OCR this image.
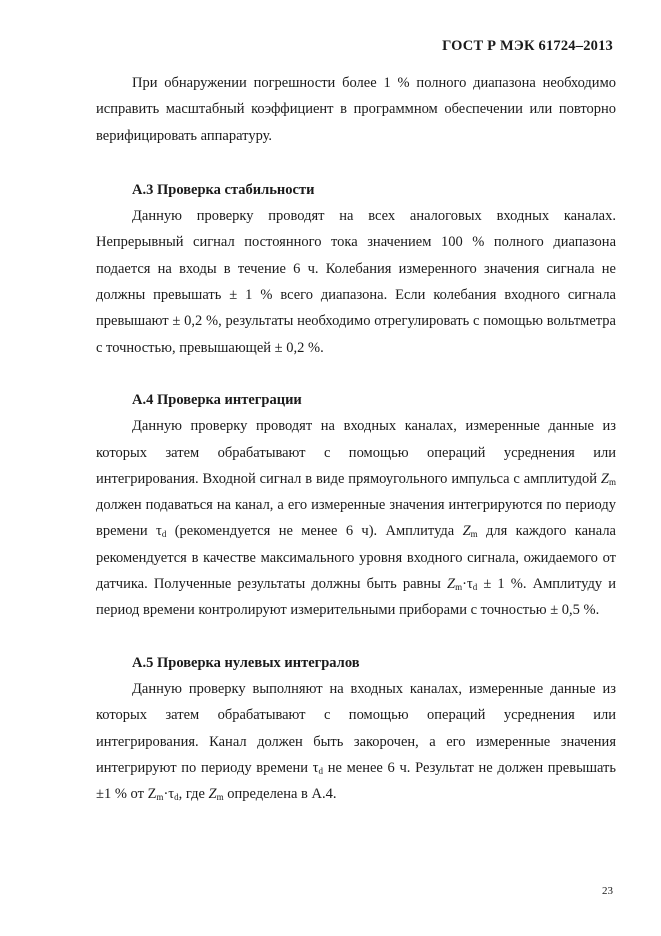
ГОСТ Р МЭК 61724–2013

При обнаружении погрешности более 1 % полного диапазона необходимо исправить масштабный коэффициент в программном обеспечении или повторно верифицировать аппаратуру.

А.3 Проверка стабильности

Данную проверку проводят на всех аналоговых входных каналах. Непрерывный сигнал постоянного тока значением 100 % полного диапазона подается на входы в течение 6 ч. Колебания измеренного значения сигнала не должны превышать ± 1 % всего диапазона. Если колебания входного сигнала превышают ± 0,2 %, результаты необходимо отрегулировать с помощью вольтметра с точностью, превышающей ± 0,2 %.

А.4 Проверка интеграции

Данную проверку проводят на входных каналах, измеренные данные из которых затем обрабатывают с помощью операций усреднения или интегрирования. Входной сигнал в виде прямоугольного импульса с амплитудой $Z_m$ должен подаваться на канал, а его измеренные значения интегрируются по периоду времени $\tau_d$ (рекомендуется не менее 6 ч). Амплитуда $Z_m$ для каждого канала рекомендуется в качестве максимального уровня входного сигнала, ожидаемого от датчика. Полученные результаты должны быть равны $Z_m\cdot\tau_d \pm 1$ %. Амплитуду и период времени контролируют измерительными приборами с точностью ± 0,5 %.

А.5 Проверка нулевых интегралов

Данную проверку выполняют на входных каналах, измеренные данные из которых затем обрабатывают с помощью операций усреднения или интегрирования. Канал должен быть закорочен, а его измеренные значения интегрируют по периоду времени $\tau_d$ не менее 6 ч. Результат не должен превышать ±1 % от $Z_m\cdot\tau_d$, где $Z_m$ определена в А.4.

23
